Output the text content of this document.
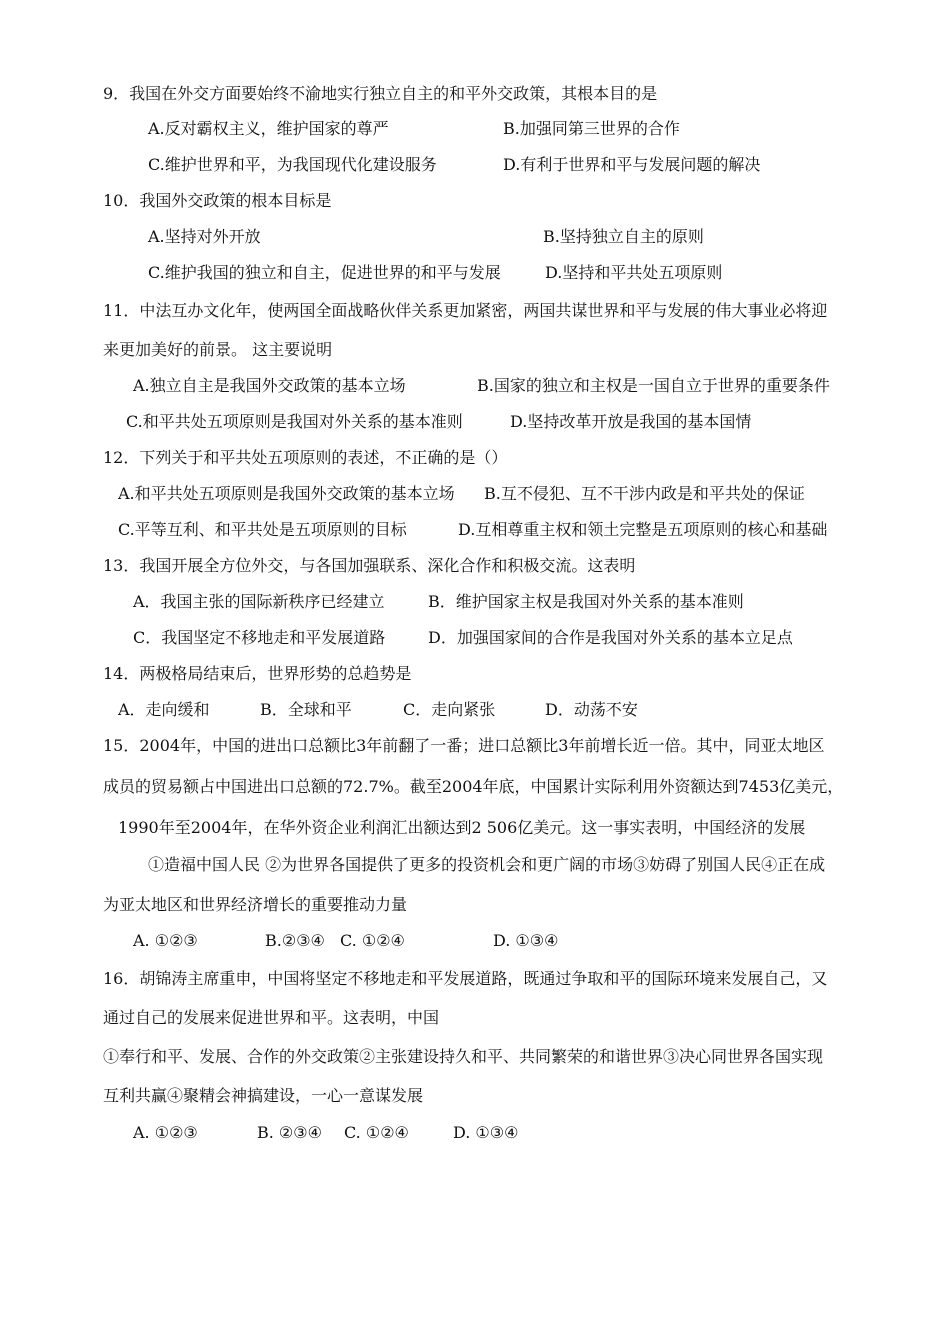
9．我国在外交方面要始终不渝地实行独立自主的和平外交政策，其根本目的是
A.反对霸权主义，维护国家的尊严	B.加强同第三世界的合作
C.维护世界和平，为我国现代化建设服务	D.有利于世界和平与发展问题的解决
10．我国外交政策的根本目标是
A.坚持对外开放	B.坚持独立自主的原则
C.维护我国的独立和自主，促进世界的和平与发展	D.坚持和平共处五项原则
11．中法互办文化年，使两国全面战略伙伴关系更加紧密，两国共谋世界和平与发展的伟大事业必将迎
来更加美好的前景。 这主要说明
A.独立自主是我国外交政策的基本立场	B.国家的独立和主权是一国自立于世界的重要条件
C.和平共处五项原则是我国对外关系的基本准则	D.坚持改革开放是我国的基本国情
12．下列关于和平共处五项原则的表述，不正确的是（）
A.和平共处五项原则是我国外交政策的基本立场 B.互不侵犯、互不干涉内政是和平共处的保证
C.平等互利、和平共处是五项原则的目标	D.互相尊重主权和领土完整是五项原则的核心和基础
13．我国开展全方位外交，与各国加强联系、深化合作和积极交流。这表明
A．我国主张的国际新秩序已经建立	B．维护国家主权是我国对外关系的基本准则
C．我国坚定不移地走和平发展道路	D．加强国家间的合作是我国对外关系的基本立足点
14．两极格局结束后，世界形势的总趋势是
A．走向缓和	B．全球和平	C．走向紧张	D．动荡不安
15．2004年，中国的进出口总额比3年前翻了一番；进口总额比3年前增长近一倍。其中，同亚太地区
成员的贸易额占中国进出口总额的72.7%。截至2004年底，中国累计实际利用外资额达到7453亿美元，
1990年至2004年，在华外资企业利润汇出额达到2 506亿美元。这一事实表明，中国经济的发展
①造福中国人民 ②为世界各国提供了更多的投资机会和更广阔的市场③妨碍了别国人民④正在成
为亚太地区和世界经济增长的重要推动力量
A. ①②③	B.②③④ C. ①②④	D. ①③④
16．胡锦涛主席重申，中国将坚定不移地走和平发展道路，既通过争取和平的国际环境来发展自己，又
通过自己的发展来促进世界和平。这表明，中国
①奉行和平、发展、合作的外交政策②主张建设持久和平、共同繁荣的和谐世界③决心同世界各国实现
互利共赢④聚精会神搞建设，一心一意谋发展
A. ①②③	B. ②③④ C. ①②④	D. ①③④
